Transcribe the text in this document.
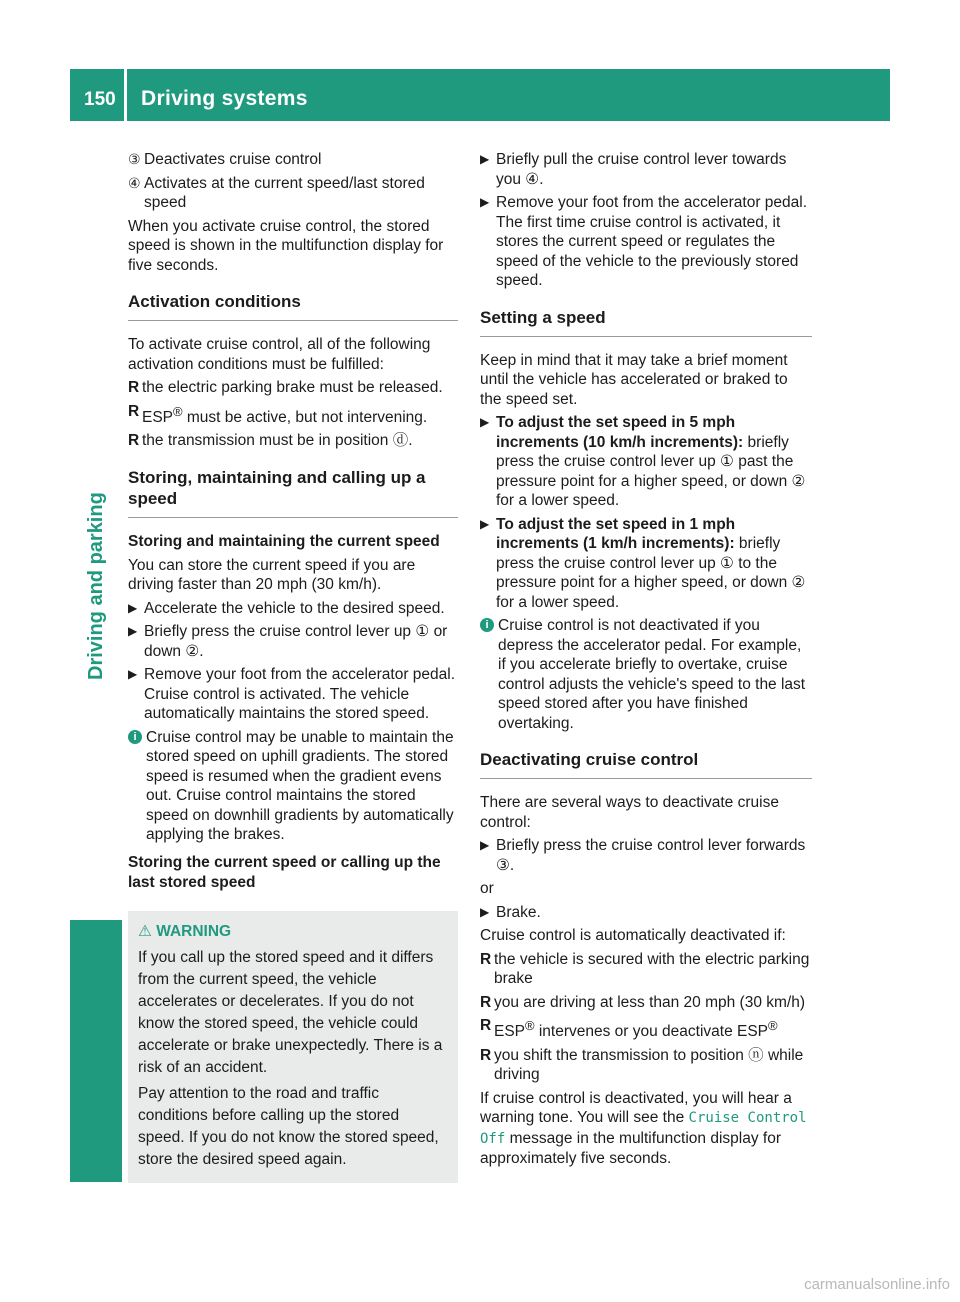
150 Driving systems
Driving and parking
③ Deactivates cruise control
④ Activates at the current speed/last stored speed

When you activate cruise control, the stored speed is shown in the multifunction display for five seconds.

Activation conditions

To activate cruise control, all of the following activation conditions must be fulfilled:

R the electric parking brake must be released.
R ESP® must be active, but not intervening.
R the transmission must be in position ⓓ.
Storing, maintaining and calling up a speed
Storing and maintaining the current speed

You can store the current speed if you are driving faster than 20 mph (30 km/h).

▶ Accelerate the vehicle to the desired speed.
▶ Briefly press the cruise control lever up ① or down ②.
▶ Remove your foot from the accelerator pedal. Cruise control is activated. The vehicle automatically maintains the stored speed.
i Cruise control may be unable to maintain the stored speed on uphill gradients. The stored speed is resumed when the gradient evens out. Cruise control maintains the stored speed on downhill gradients by automatically applying the brakes.
Storing the current speed or calling up the last stored speed
⚠ WARNING

If you call up the stored speed and it differs from the current speed, the vehicle accelerates or decelerates. If you do not know the stored speed, the vehicle could accelerate or brake unexpectedly. There is a risk of an accident.

Pay attention to the road and traffic conditions before calling up the stored speed. If you do not know the stored speed, store the desired speed again.

▶ Briefly pull the cruise control lever towards you ④.
▶ Remove your foot from the accelerator pedal. The first time cruise control is activated, it stores the current speed or regulates the speed of the vehicle to the previously stored speed.
Setting a speed

Keep in mind that it may take a brief moment until the vehicle has accelerated or braked to the speed set.

▶ To adjust the set speed in 5 mph increments (10 km/h increments): briefly press the cruise control lever up ① past the pressure point for a higher speed, or down ② for a lower speed.
▶ To adjust the set speed in 1 mph increments (1 km/h increments): briefly press the cruise control lever up ① to the pressure point for a higher speed, or down ② for a lower speed.
i Cruise control is not deactivated if you depress the accelerator pedal. For example, if you accelerate briefly to overtake, cruise control adjusts the vehicle's speed to the last speed stored after you have finished overtaking.
Deactivating cruise control

There are several ways to deactivate cruise control:

▶ Briefly press the cruise control lever forwards ③.

or

▶ Brake.

Cruise control is automatically deactivated if:

R the vehicle is secured with the electric parking brake
R you are driving at less than 20 mph (30 km/h)
R ESP® intervenes or you deactivate ESP®
R you shift the transmission to position ⓝ while driving

If cruise control is deactivated, you will hear a warning tone. You will see the Cruise Control Off message in the multifunction display for approximately five seconds.

carmanualsonline.info
